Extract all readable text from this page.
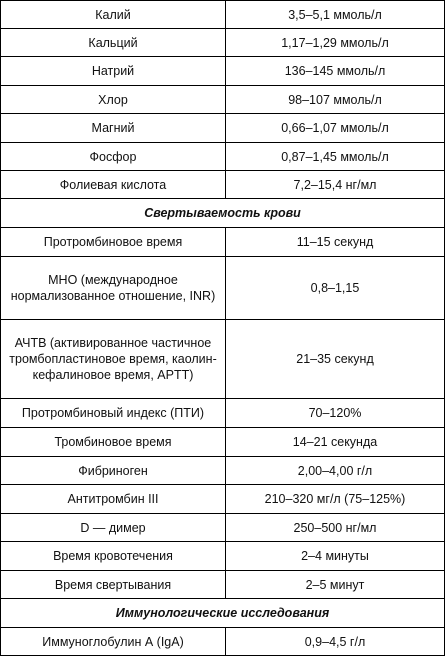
Калий	3,5–5,1 ммоль/л
Кальций	1,17–1,29 ммоль/л
Натрий	136–145 ммоль/л
Хлор	98–107 ммоль/л
Магний	0,66–1,07 ммоль/л
Фосфор	0,87–1,45 ммоль/л
Фолиевая кислота	7,2–15,4 нг/мл
Свертываемость крови	
Протромбиновое время	11–15 секунд
МНО (международное нормализованное отношение, INR)	0,8–1,15
АЧТВ (активированное частичное тромбопластиновое время, каолин-кефалиновое время, APTT)	21–35 секунд
Протромбиновый индекс (ПТИ)	70–120%
Тромбиновое время	14–21 секунда
Фибриноген	2,00–4,00 г/л
Антитромбин III	210–320 мг/л (75–125%)
D — димер	250–500 нг/мл
Время кровотечения	2–4 минуты
Время свертывания	2–5 минут
Иммунологические исследования	
Иммуноглобулин А (IgA)	0,9–4,5 г/л
